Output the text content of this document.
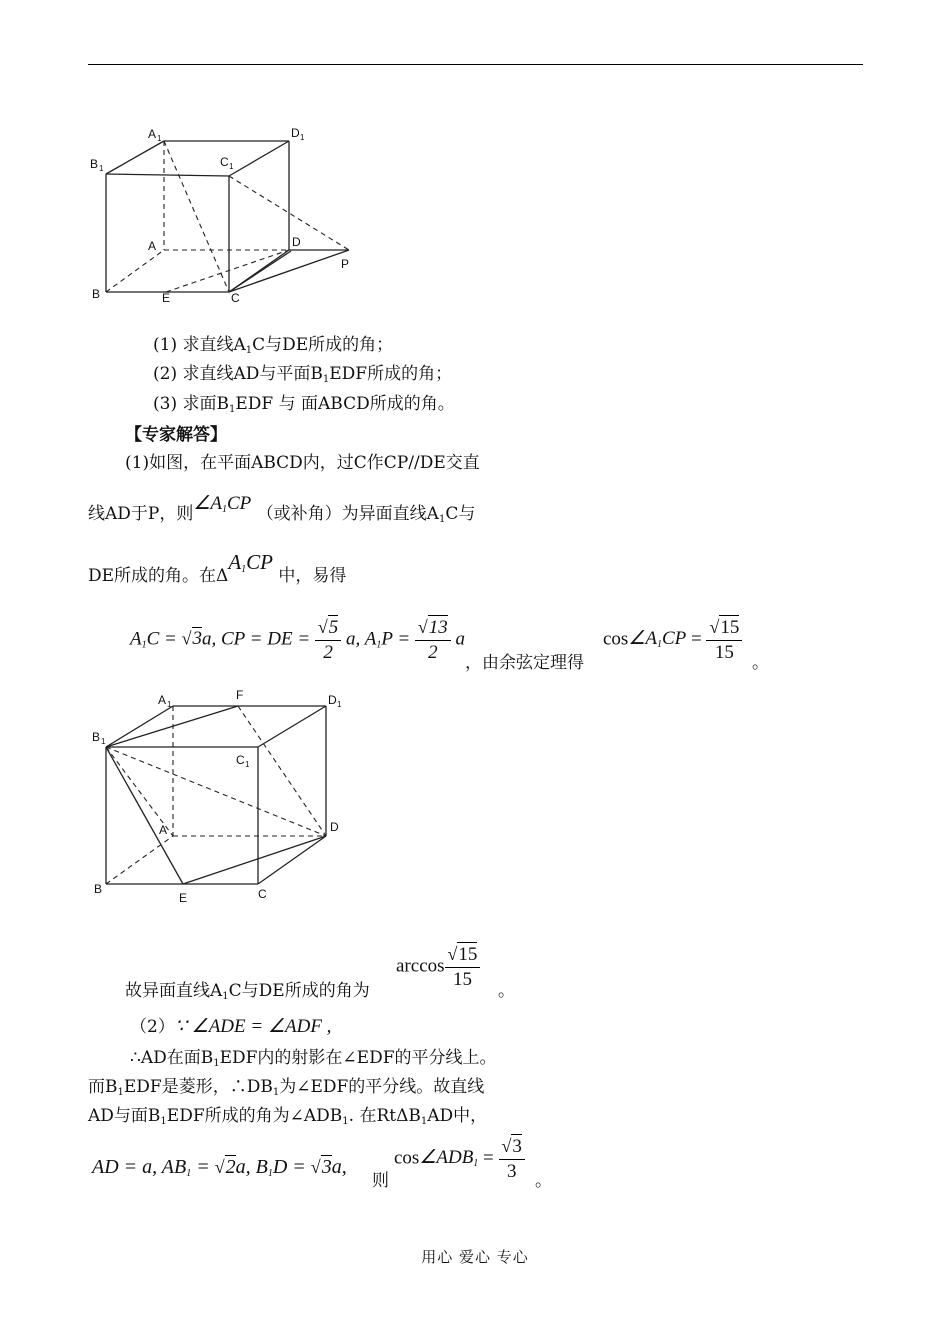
A 1	D 1
B 1	C 1
A	D
P
B	E	C
(1) 求直线$A_1C$与DE所成的角；
(2) 求直线AD与平面$B_1EDF$所成的角；
(3) 求面$B_1EDF$ 与 面ABCD所成的角。
【专家解答】
(1)如图，在平面ABCD内，过C作CP//DE交直
线AD于P，则$\angle A_1CP$ （或补角）为异面直线$A_1C$与
DE所成的角。在$\Delta A_1CP$ 中，易得
$A_1C = √3a$, CP = DE = $\frac{√5}{2} a$, $A_1P = \frac{√13}{2}$ a
，由余弦定理得
$\cos\angle A_1CP = \frac{√15}{15}$ 。
A 1
F	D 1
B 1
C 1
A	D
B
E	C
$\arccos \frac{√15}{15}$
故异面直线$A_1C$与DE所成的角为	。
（2）∵ ∠ADE = ∠ADF ,
∴AD在面$B_1EDF$内的射影在∠EDF的平分线上。
而$B_1EDF$是菱形，$\therefore DB_1$为∠EDF的平分线。故直线
AD与面$B_1EDF$所成的角为$\angle ADB_1$. 在RtΔB$_1$AD中，
AD = a, $AB_1 = √2a$, $B_1D = √3a$,
则
$\cos\angle ADB_1 = \frac{√3}{3}$ 。
用心 爱心 专心
